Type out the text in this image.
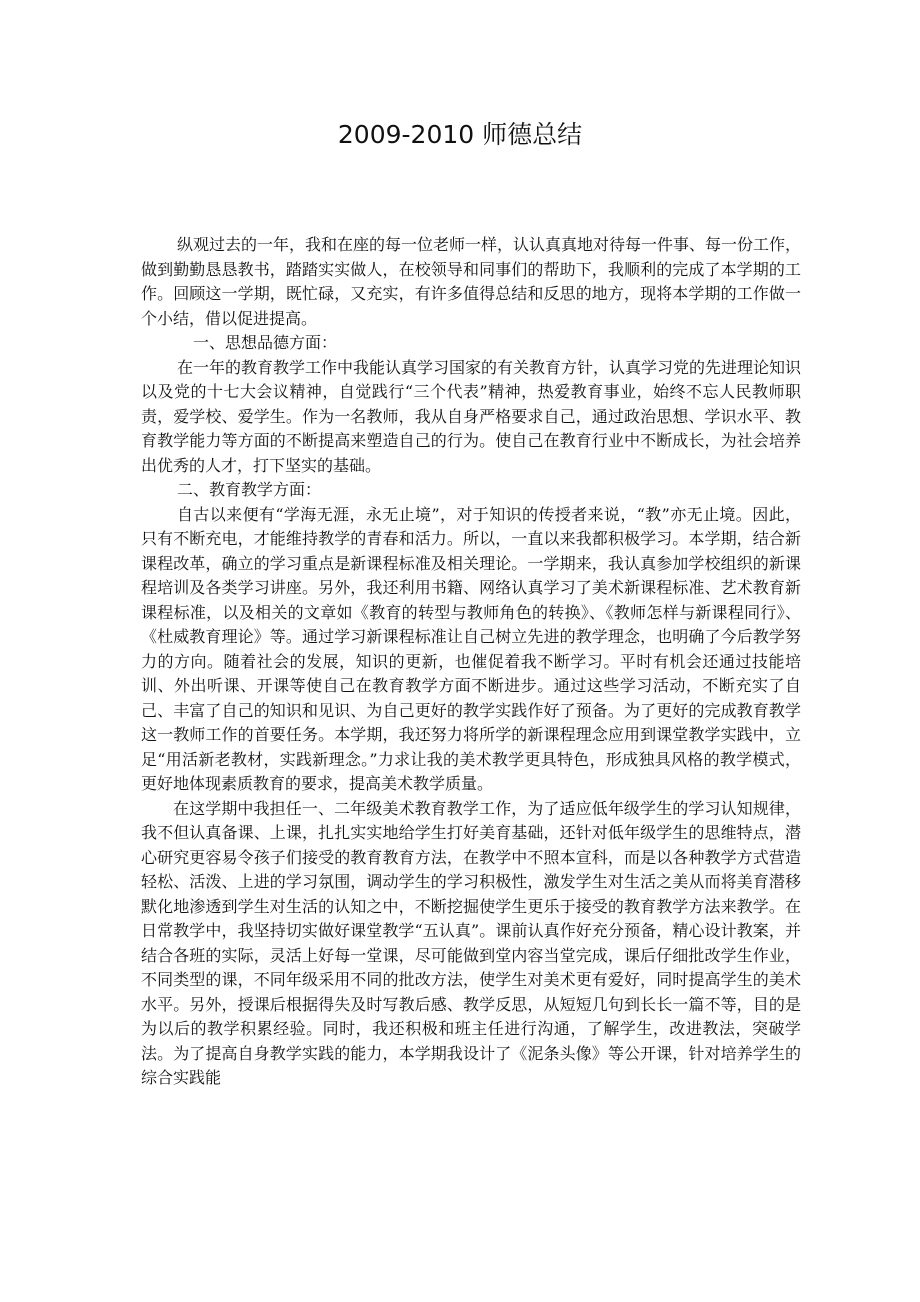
2009-2010 师德总结

纵观过去的一年，我和在座的每一位老师一样，认认真真地对待每一件事、每一份工作，做到勤勤恳恳教书，踏踏实实做人，在校领导和同事们的帮助下，我顺利的完成了本学期的工作。回顾这一学期，既忙碌，又充实，有许多值得总结和反思的地方，现将本学期的工作做一个小结，借以促进提高。

一、思想品德方面：

在一年的教育教学工作中我能认真学习国家的有关教育方针，认真学习党的先进理论知识以及党的十七大会议精神，自觉践行“三个代表”精神，热爱教育事业，始终不忘人民教师职责，爱学校、爱学生。作为一名教师，我从自身严格要求自己，通过政治思想、学识水平、教育教学能力等方面的不断提高来塑造自己的行为。使自己在教育行业中不断成长，为社会培养出优秀的人才，打下坚实的基础。

二、教育教学方面：

自古以来便有“学海无涯，永无止境”，对于知识的传授者来说，“教”亦无止境。因此，只有不断充电，才能维持教学的青春和活力。所以，一直以来我都积极学习。本学期，结合新课程改革，确立的学习重点是新课程标准及相关理论。一学期来，我认真参加学校组织的新课程培训及各类学习讲座。另外，我还利用书籍、网络认真学习了美术新课程标准、艺术教育新课程标准，以及相关的文章如《教育的转型与教师角色的转换》、《教师怎样与新课程同行》、《杜威教育理论》等。通过学习新课程标准让自己树立先进的教学理念，也明确了今后教学努力的方向。随着社会的发展，知识的更新，也催促着我不断学习。平时有机会还通过技能培训、外出听课、开课等使自己在教育教学方面不断进步。通过这些学习活动，不断充实了自己、丰富了自己的知识和见识、为自己更好的教学实践作好了预备。为了更好的完成教育教学这一教师工作的首要任务。本学期，我还努力将所学的新课程理念应用到课堂教学实践中，立足“用活新老教材，实践新理念。”力求让我的美术教学更具特色，形成独具风格的教学模式，更好地体现素质教育的要求，提高美术教学质量。

在这学期中我担任一、二年级美术教育教学工作，为了适应低年级学生的学习认知规律，我不但认真备课、上课，扎扎实实地给学生打好美育基础，还针对低年级学生的思维特点，潜心研究更容易令孩子们接受的教育教育方法，在教学中不照本宣科，而是以各种教学方式营造轻松、活泼、上进的学习氛围，调动学生的学习积极性，激发学生对生活之美从而将美育潜移默化地渗透到学生对生活的认知之中，不断挖掘使学生更乐于接受的教育教学方法来教学。在日常教学中，我坚持切实做好课堂教学“五认真”。课前认真作好充分预备，精心设计教案，并结合各班的实际，灵活上好每一堂课，尽可能做到堂内容当堂完成，课后仔细批改学生作业，不同类型的课，不同年级采用不同的批改方法，使学生对美术更有爱好，同时提高学生的美术水平。另外，授课后根据得失及时写教后感、教学反思，从短短几句到长长一篇不等，目的是为以后的教学积累经验。同时，我还积极和班主任进行沟通，了解学生，改进教法，突破学法。为了提高自身教学实践的能力，本学期我设计了《泥条头像》等公开课，针对培养学生的综合实践能
